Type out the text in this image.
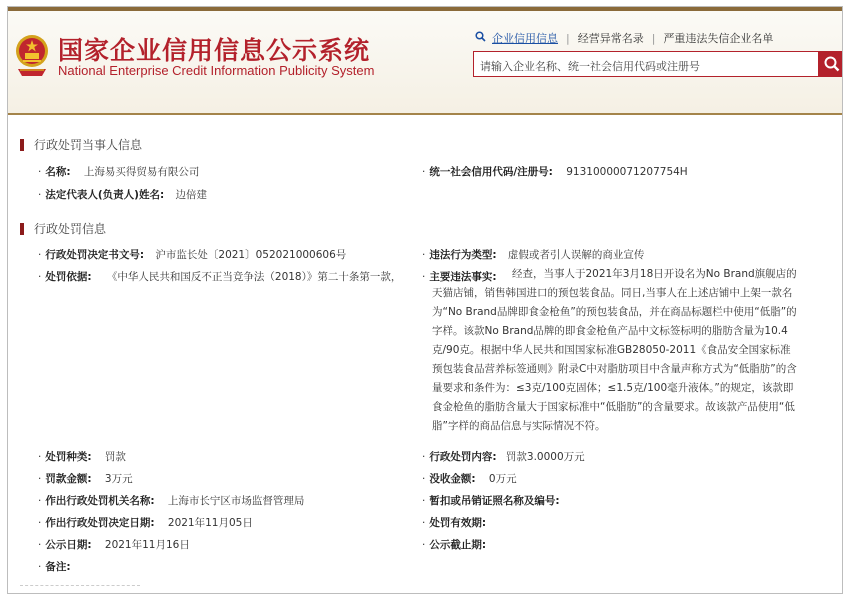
国家企业信用信息公示系统
National Enterprise Credit Information Publicity System
企业信用信息 | 经营异常名录 | 严重违法失信企业名单
请输入企业名称、统一社会信用代码或注册号
行政处罚当事人信息
· 名称: 上海易买得贸易有限公司	· 统一社会信用代码/注册号: 91310000071207754H
· 法定代表人(负责人)姓名: 边倍建
行政处罚信息
· 行政处罚决定书文号: 沪市监长处〔2021〕052021000606号	· 违法行为类型: 虚假或者引人误解的商业宣传
· 处罚依据: 《中华人民共和国反不正当竞争法（2018）》第二十条第一款， · 主要违法事实:	经查，当事人于2021年3月18日开设名为No Brand旗舰店的天猫店铺，销售韩国进口的预包装食品。同日,当事人在上述店铺中上架一款名为“No Brand品牌即食金枪鱼”的预包装食品，并在商品标题栏中使用“低脂”的字样。该款No Brand品牌的即食金枪鱼产品中文标签标明的脂肪含量为10.4克/90克。根据中华人民共和国国家标准GB28050-2011《食品安全国家标准预包装食品营养标签通则》附录C中对脂肪项目中含量声称方式为“低脂肪”的含量要求和条件为：≤3克/100克固体；≤1.5克/100毫升液体。”的规定，该款即食金枪鱼的脂肪含量大于国家标准中“低脂肪”的含量要求。故该款产品使用“低脂”字样的商品信息与实际情况不符。
· 处罚种类: 罚款	· 行政处罚内容: 罚款3.0000万元
· 罚款金额: 3万元	· 没收金额: 0万元
· 作出行政处罚机关名称: 上海市长宁区市场监督管理局	· 暂扣或吊销证照名称及编号:
· 作出行政处罚决定日期: 2021年11月05日	· 处罚有效期:
· 公示日期: 2021年11月16日	· 公示截止期:
· 备注:
